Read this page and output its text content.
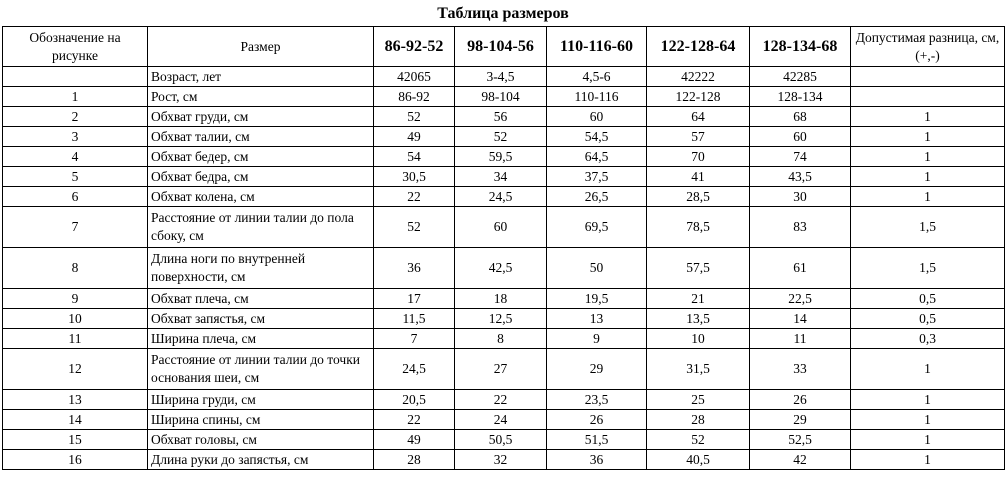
Таблица размеров
Обозначение на рисунке	Размер	86-92-52	98-104-56	110-116-60	122-128-64	128-134-68	Допустимая разница, см, (+,-)
	Возраст, лет	42065	3-4,5	4,5-6	42222	42285	
1	Рост, см	86-92	98-104	110-116	122-128	128-134	
2	Обхват груди, см	52	56	60	64	68	1
3	Обхват талии, см	49	52	54,5	57	60	1
4	Обхват бедер, см	54	59,5	64,5	70	74	1
5	Обхват бедра, см	30,5	34	37,5	41	43,5	1
6	Обхват колена, см	22	24,5	26,5	28,5	30	1
7	Расстояние от линии талии до пола сбоку, см	52	60	69,5	78,5	83	1,5
8	Длина ноги по внутренней поверхности, см	36	42,5	50	57,5	61	1,5
9	Обхват плеча, см	17	18	19,5	21	22,5	0,5
10	Обхват запястья, см	11,5	12,5	13	13,5	14	0,5
11	Ширина плеча, см	7	8	9	10	11	0,3
12	Расстояние от линии талии до точки основания шеи, см	24,5	27	29	31,5	33	1
13	Ширина груди, см	20,5	22	23,5	25	26	1
14	Ширина спины, см	22	24	26	28	29	1
15	Обхват головы, см	49	50,5	51,5	52	52,5	1
16	Длина руки до запястья, см	28	32	36	40,5	42	1
